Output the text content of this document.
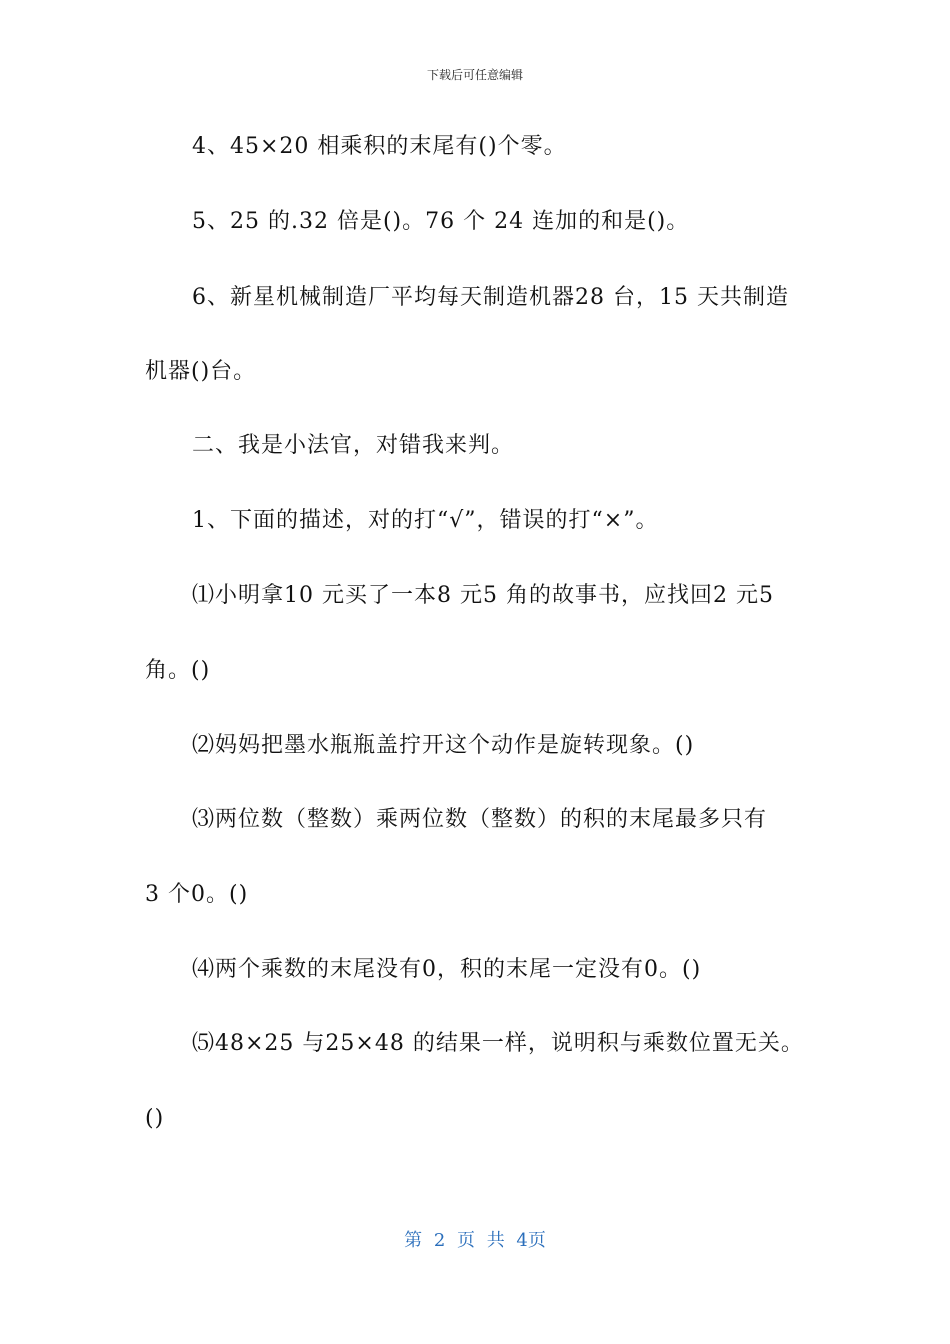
下载后可任意编辑
4、45×20 相乘积的末尾有()个零。
5、25 的.32 倍是()。76 个 24 连加的和是()。
6、新星机械制造厂平均每天制造机器28 台，15 天共制造
机器()台。
二、我是小法官，对错我来判。
1、下面的描述，对的打“√”，错误的打“×”。
⑴小明拿10 元买了一本8 元5 角的故事书，应找回2 元5
角。()
⑵妈妈把墨水瓶瓶盖拧开这个动作是旋转现象。()
⑶两位数（整数）乘两位数（整数）的积的末尾最多只有
3 个0。()
⑷两个乘数的末尾没有0，积的末尾一定没有0。()
⑸48×25 与25×48 的结果一样，说明积与乘数位置无关。
()
第 2 页 共 4页
